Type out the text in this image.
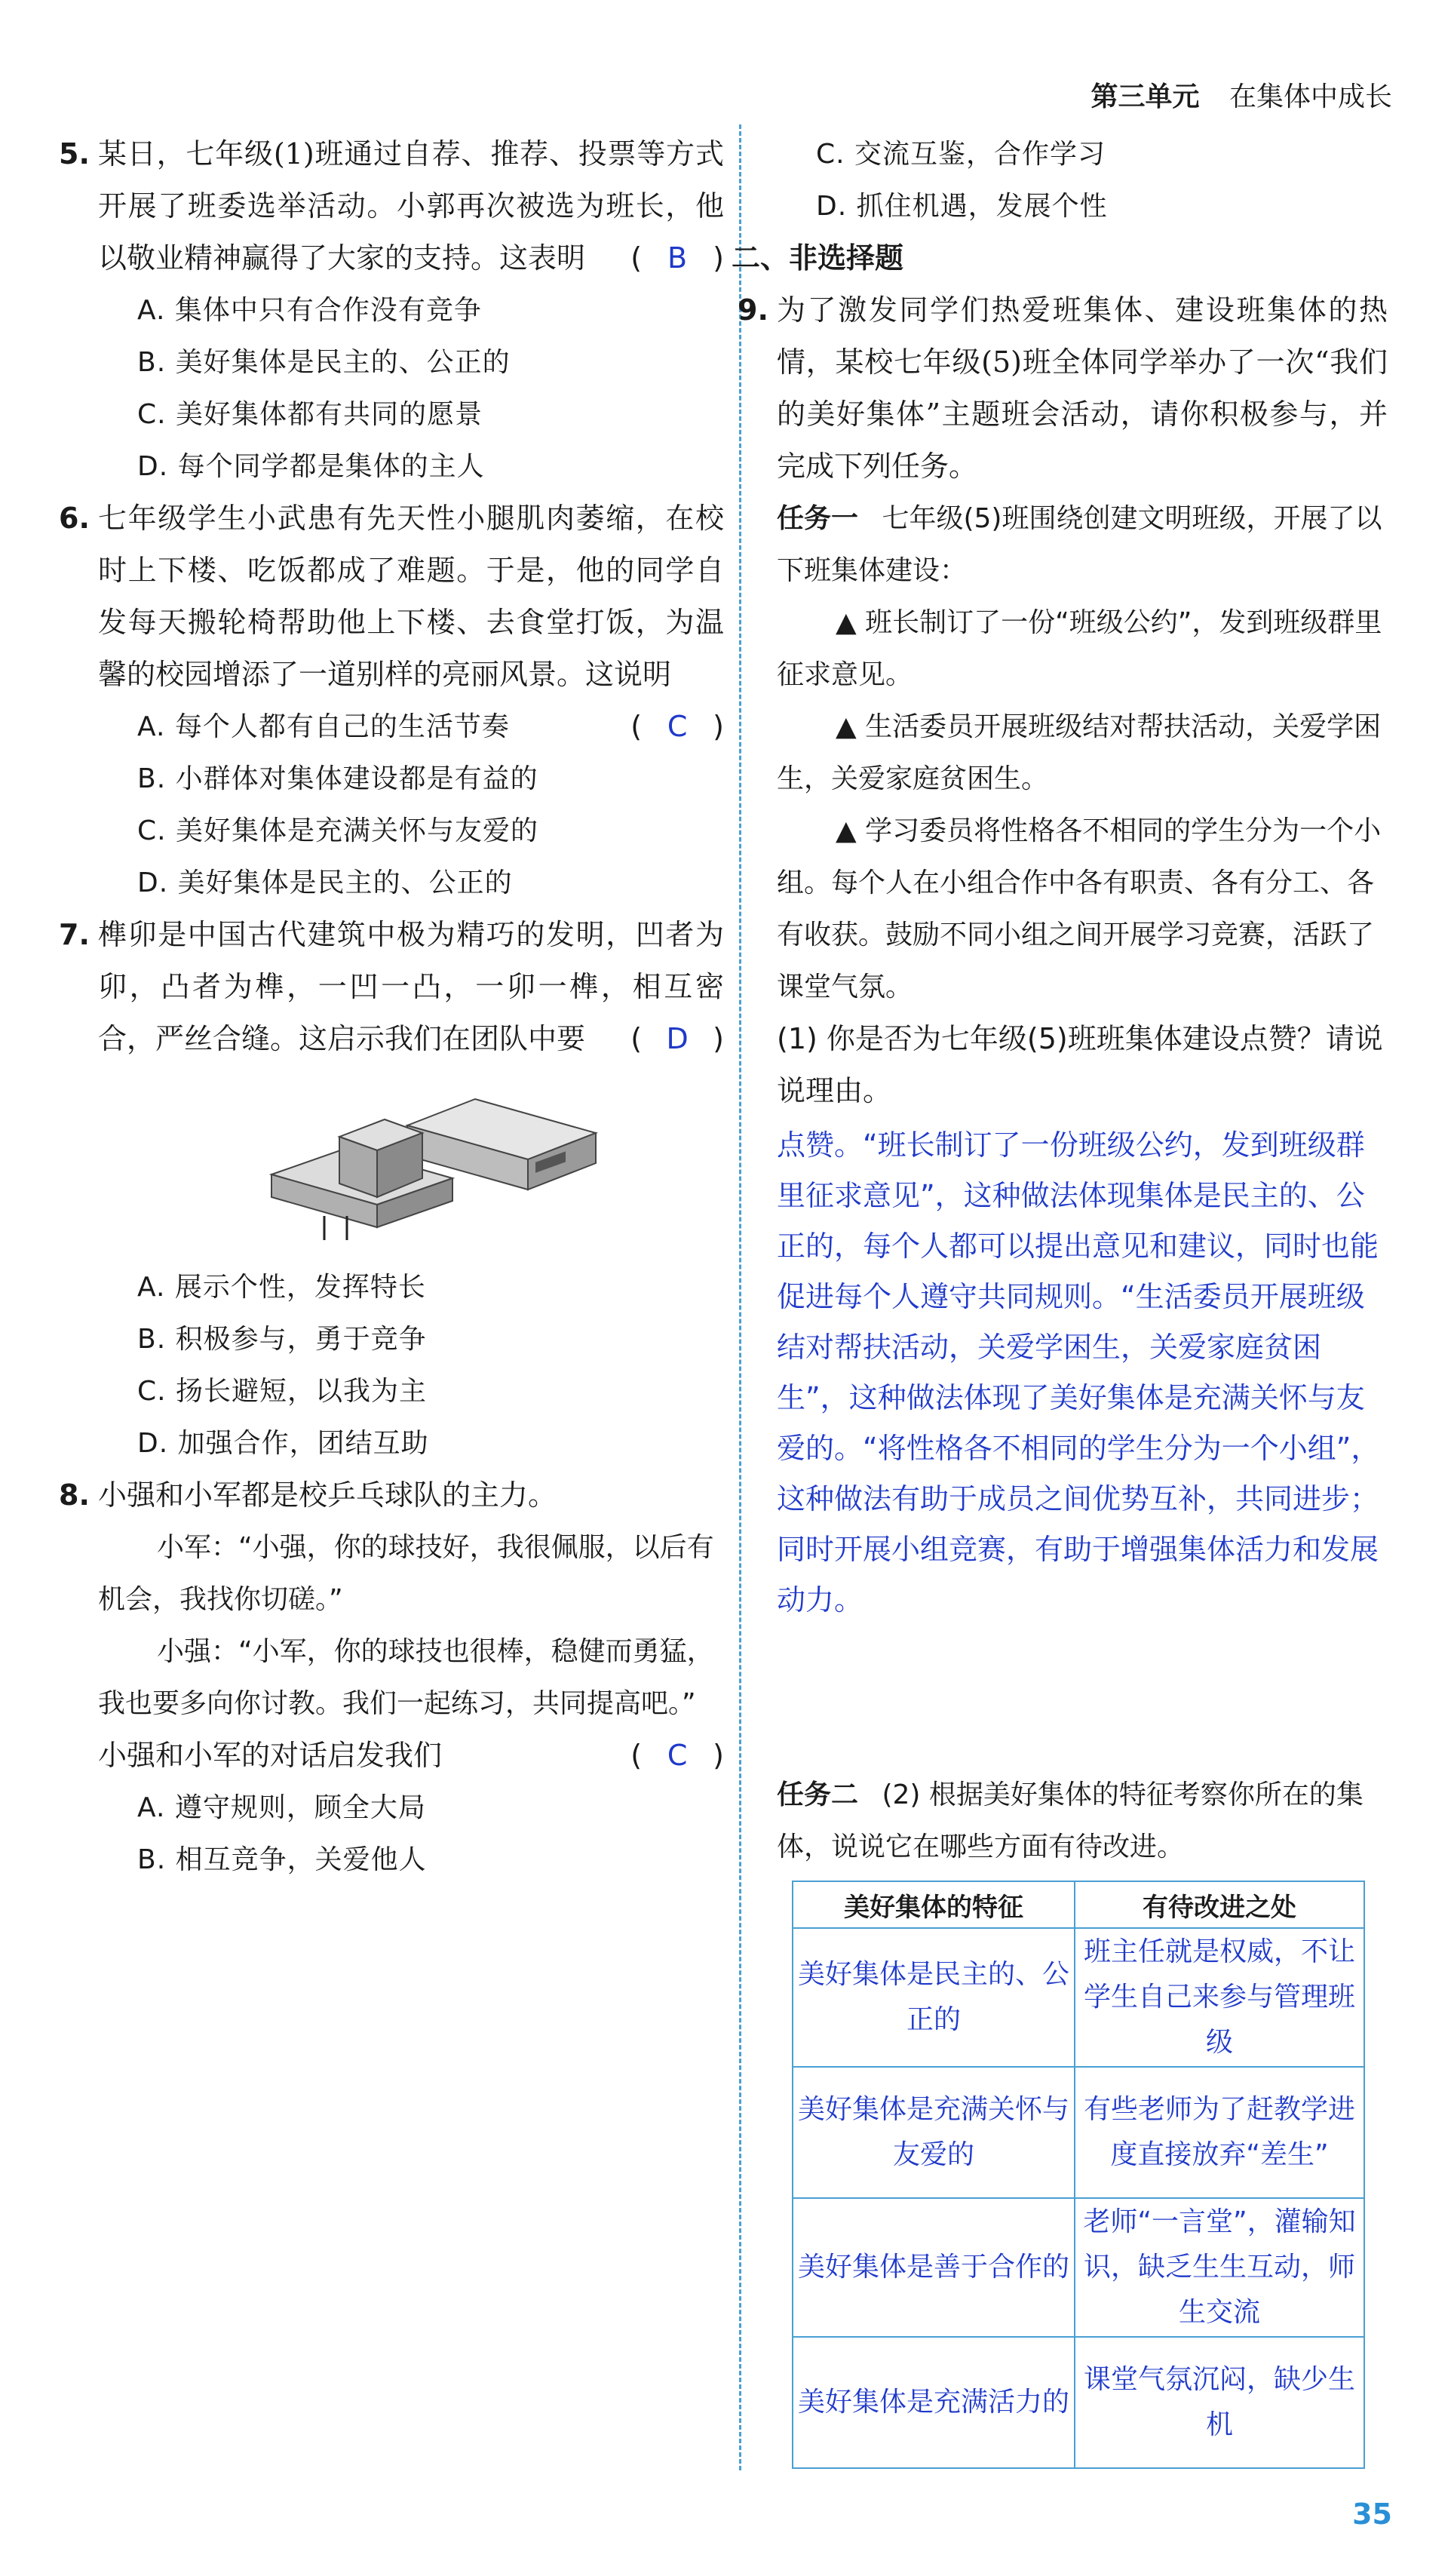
第三单元 在集体中成长
5. 某日，七年级(1)班通过自荐、推荐、投票等方式开展了班委选举活动。小郭再次被选为班长，他以敬业精神赢得了大家的支持。这表明 ( B )
A. 集体中只有合作没有竞争
B. 美好集体是民主的、公正的
C. 美好集体都有共同的愿景
D. 每个同学都是集体的主人
6. 七年级学生小武患有先天性小腿肌肉萎缩，在校时上下楼、吃饭都成了难题。于是，他的同学自发每天搬轮椅帮助他上下楼、去食堂打饭，为温馨的校园增添了一道别样的亮丽风景。这说明
( C )
A. 每个人都有自己的生活节奏
B. 小群体对集体建设都是有益的
C. 美好集体是充满关怀与友爱的
D. 美好集体是民主的、公正的
7. 榫卯是中国古代建筑中极为精巧的发明，凹者为卯，凸者为榫，一凹一凸，一卯一榫，相互密合，严丝合缝。这启示我们在团队中要 ( D )
A. 展示个性，发挥特长
B. 积极参与，勇于竞争
C. 扬长避短，以我为主
D. 加强合作，团结互助
8. 小强和小军都是校乒乓球队的主力。
小军：“小强，你的球技好，我很佩服，以后有机会，我找你切磋。”
小强：“小军，你的球技也很棒，稳健而勇猛，我也要多向你讨教。我们一起练习，共同提高吧。”
小强和小军的对话启发我们	( C )
A. 遵守规则，顾全大局
B. 相互竞争，关爱他人
C. 交流互鉴，合作学习
D. 抓住机遇，发展个性
二、非选择题
9. 为了激发同学们热爱班集体、建设班集体的热情，某校七年级(5)班全体同学举办了一次“我们的美好集体”主题班会活动，请你积极参与，并完成下列任务。
任务一 七年级(5)班围绕创建文明班级，开展了以下班集体建设：
▲ 班长制订了一份“班级公约”，发到班级群里征求意见。
▲ 生活委员开展班级结对帮扶活动，关爱学困生，关爱家庭贫困生。
▲ 学习委员将性格各不相同的学生分为一个小组。每个人在小组合作中各有职责、各有分工、各有收获。鼓励不同小组之间开展学习竞赛，活跃了课堂气氛。
(1) 你是否为七年级(5)班班集体建设点赞？请说说理由。
点赞。“班长制订了一份班级公约，发到班级群里征求意见”，这种做法体现集体是民主的、公正的，每个人都可以提出意见和建议，同时也能促进每个人遵守共同规则。“生活委员开展班级结对帮扶活动，关爱学困生，关爱家庭贫困生”，这种做法体现了美好集体是充满关怀与友爱的。“将性格各不相同的学生分为一个小组”，这种做法有助于成员之间优势互补，共同进步；同时开展小组竞赛，有助于增强集体活力和发展动力。
任务二 (2) 根据美好集体的特征考察你所在的集体，说说它在哪些方面有待改进。
美好集体的特征	有待改进之处
美好集体是民主的、公正的	班主任就是权威，不让学生自己来参与管理班级
美好集体是充满关怀与友爱的	有些老师为了赶教学进度直接放弃“差生”
美好集体是善于合作的	老师“一言堂”，灌输知识，缺乏生生互动，师生交流
美好集体是充满活力的	课堂气氛沉闷，缺少生机
35
